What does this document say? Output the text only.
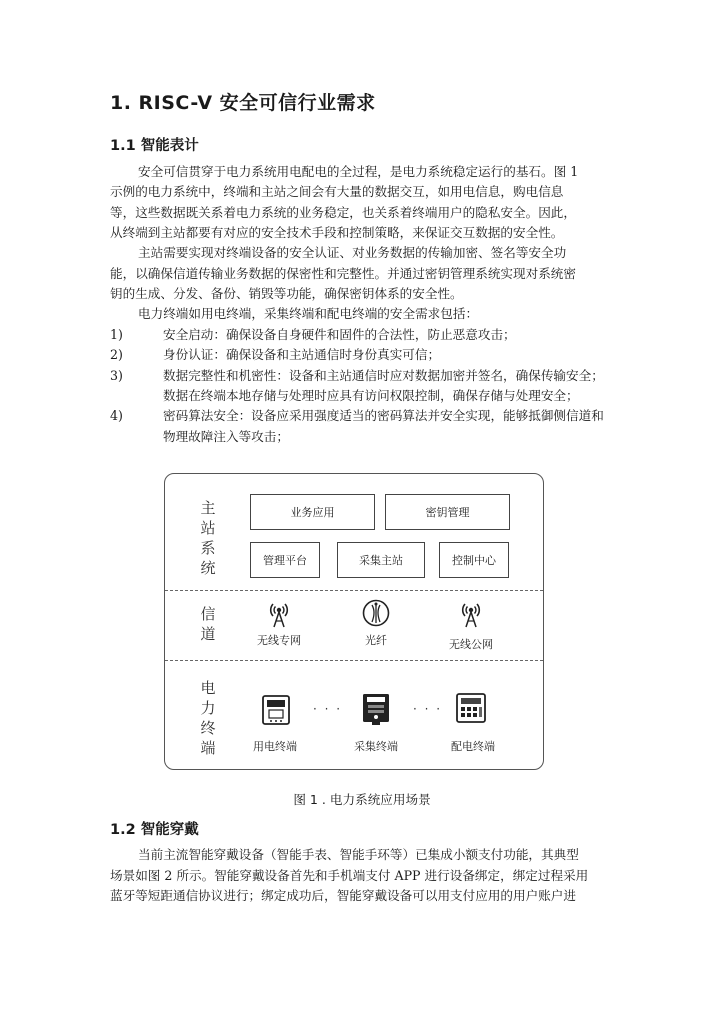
1. RISC-V 安全可信行业需求
1.1 智能表计
安全可信贯穿于电力系统用电配电的全过程，是电力系统稳定运行的基石。图 1
示例的电力系统中，终端和主站之间会有大量的数据交互，如用电信息，购电信息
等，这些数据既关系着电力系统的业务稳定，也关系着终端用户的隐私安全。因此，
从终端到主站都要有对应的安全技术手段和控制策略，来保证交互数据的安全性。
主站需要实现对终端设备的安全认证、对业务数据的传输加密、签名等安全功
能，以确保信道传输业务数据的保密性和完整性。并通过密钥管理系统实现对系统密
钥的生成、分发、备份、销毁等功能，确保密钥体系的安全性。
电力终端如用电终端，采集终端和配电终端的安全需求包括：
1)	安全启动：确保设备自身硬件和固件的合法性，防止恶意攻击；
2)	身份认证：确保设备和主站通信时身份真实可信；
3)	数据完整性和机密性：设备和主站通信时应对数据加密并签名，确保传输安全；
数据在终端本地存储与处理时应具有访问权限控制，确保存储与处理安全；
4)	密码算法安全：设备应采用强度适当的密码算法并安全实现，能够抵御侧信道和
物理故障注入等攻击；
主站系统
信道
电力终端
业务应用	密钥管理
管理平台	采集主站	控制中心
无线专网	光纤	无线公网
用电终端
· · ·
采集终端
· · ·
配电终端
图 1 . 电力系统应用场景
1.2 智能穿戴
当前主流智能穿戴设备（智能手表、智能手环等）已集成小额支付功能，其典型
场景如图 2 所示。智能穿戴设备首先和手机端支付 APP 进行设备绑定，绑定过程采用
蓝牙等短距通信协议进行；绑定成功后，智能穿戴设备可以用支付应用的用户账户进
